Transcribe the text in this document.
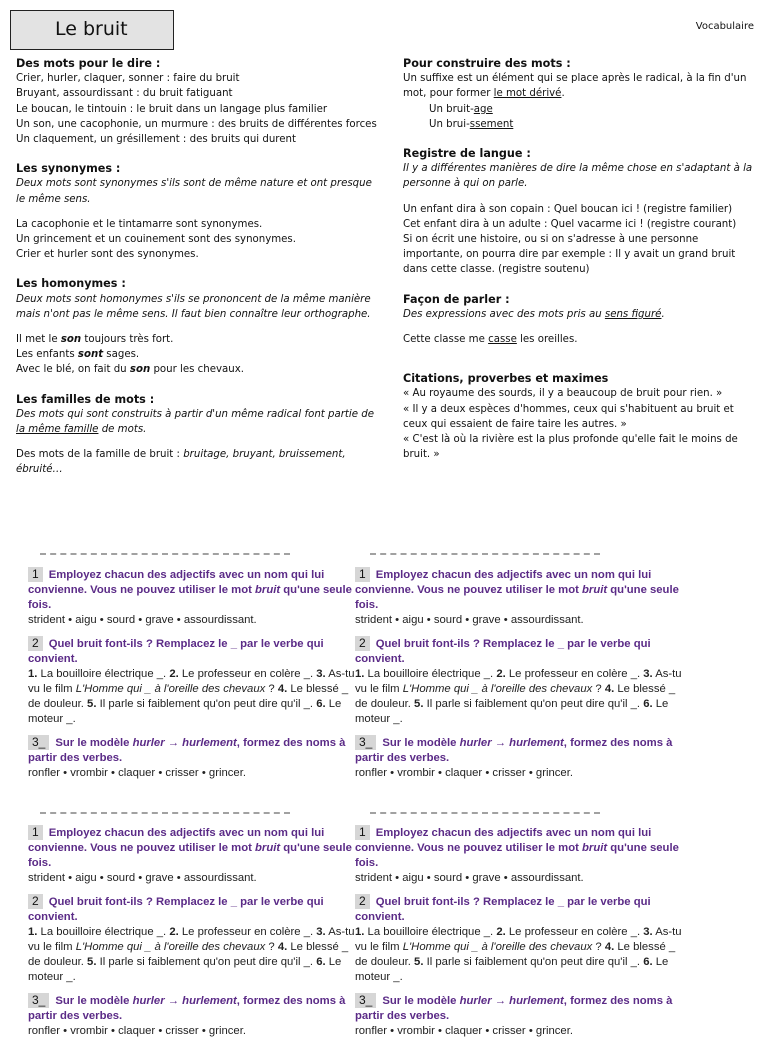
Le bruit	Vocabulaire

Des mots pour le dire :

Crier, hurler, claquer, sonner : faire du bruit

Bruyant, assourdissant : du bruit fatiguant

Le boucan, le tintouin : le bruit dans un langage plus familier

Un son, une cacophonie, un murmure : des bruits de différentes forces

Un claquement, un grésillement : des bruits qui durent

Les synonymes :

Deux mots sont synonymes s'ils sont de même nature et ont presque le même sens.

La cacophonie et le tintamarre sont synonymes.

Un grincement et un couinement sont des synonymes.

Crier et hurler sont des synonymes.

Les homonymes :

Deux mots sont homonymes s'ils se prononcent de la même manière mais n'ont pas le même sens. Il faut bien connaître leur orthographe.

Il met le son toujours très fort.

Les enfants sont sages.

Avec le blé, on fait du son pour les chevaux.

Les familles de mots :

Des mots qui sont construits à partir d'un même radical font partie de la même famille de mots.

Des mots de la famille de bruit : bruitage, bruyant, bruissement, ébruité…

Pour construire des mots :

Un suffixe est un élément qui se place après le radical, à la fin d'un mot, pour former le mot dérivé.

Un bruit-age

Un brui-ssement

Registre de langue :

Il y a différentes manières de dire la même chose en s'adaptant à la personne à qui on parle.

Un enfant dira à son copain : Quel boucan ici ! (registre familier)

Cet enfant dira à un adulte : Quel vacarme ici ! (registre courant)

Si on écrit une histoire, ou si on s'adresse à une personne importante, on pourra dire par exemple : Il y avait un grand bruit dans cette classe. (registre soutenu)

Façon de parler :

Des expressions avec des mots pris au sens figuré.

Cette classe me casse les oreilles.

Citations, proverbes et maximes

« Au royaume des sourds, il y a beaucoup de bruit pour rien. »

« Il y a deux espèces d'hommes, ceux qui s'habituent au bruit et ceux qui essaient de faire taire les autres. »

« C'est là où la rivière est la plus profonde qu'elle fait le moins de bruit. »

1 Employez chacun des adjectifs avec un nom qui lui convienne. Vous ne pouvez utiliser le mot bruit qu'une seule fois.
strident • aigu • sourd • grave • assourdissant.
2 Quel bruit font-ils ? Remplacez le _ par le verbe qui convient.
1. La bouilloire électrique _. 2. Le professeur en colère _. 3. As-tu vu le film L'Homme qui _ à l'oreille des chevaux ? 4. Le blessé _ de douleur. 5. Il parle si faiblement qu'on peut dire qu'il _. 6. Le moteur _.
3_ Sur le modèle hurler → hurlement, formez des noms à partir des verbes.
ronfler • vrombir • claquer • crisser • grincer.
1 Employez chacun des adjectifs avec un nom qui lui convienne. Vous ne pouvez utiliser le mot bruit qu'une seule fois.
strident • aigu • sourd • grave • assourdissant.
2 Quel bruit font-ils ? Remplacez le _ par le verbe qui convient.
1. La bouilloire électrique _. 2. Le professeur en colère _. 3. As-tu vu le film L'Homme qui _ à l'oreille des chevaux ? 4. Le blessé _ de douleur. 5. Il parle si faiblement qu'on peut dire qu'il _. 6. Le moteur _.
3_ Sur le modèle hurler → hurlement, formez des noms à partir des verbes.
ronfler • vrombir • claquer • crisser • grincer.
1 Employez chacun des adjectifs avec un nom qui lui convienne. Vous ne pouvez utiliser le mot bruit qu'une seule fois.
strident • aigu • sourd • grave • assourdissant.
2 Quel bruit font-ils ? Remplacez le _ par le verbe qui convient.
1. La bouilloire électrique _. 2. Le professeur en colère _. 3. As-tu vu le film L'Homme qui _ à l'oreille des chevaux ? 4. Le blessé _ de douleur. 5. Il parle si faiblement qu'on peut dire qu'il _. 6. Le moteur _.
3_ Sur le modèle hurler → hurlement, formez des noms à partir des verbes.
ronfler • vrombir • claquer • crisser • grincer.
1 Employez chacun des adjectifs avec un nom qui lui convienne. Vous ne pouvez utiliser le mot bruit qu'une seule fois.
strident • aigu • sourd • grave • assourdissant.
2 Quel bruit font-ils ? Remplacez le _ par le verbe qui convient.
1. La bouilloire électrique _. 2. Le professeur en colère _. 3. As-tu vu le film L'Homme qui _ à l'oreille des chevaux ? 4. Le blessé _ de douleur. 5. Il parle si faiblement qu'on peut dire qu'il _. 6. Le moteur _.
3_ Sur le modèle hurler → hurlement, formez des noms à partir des verbes.
ronfler • vrombir • claquer • crisser • grincer.
